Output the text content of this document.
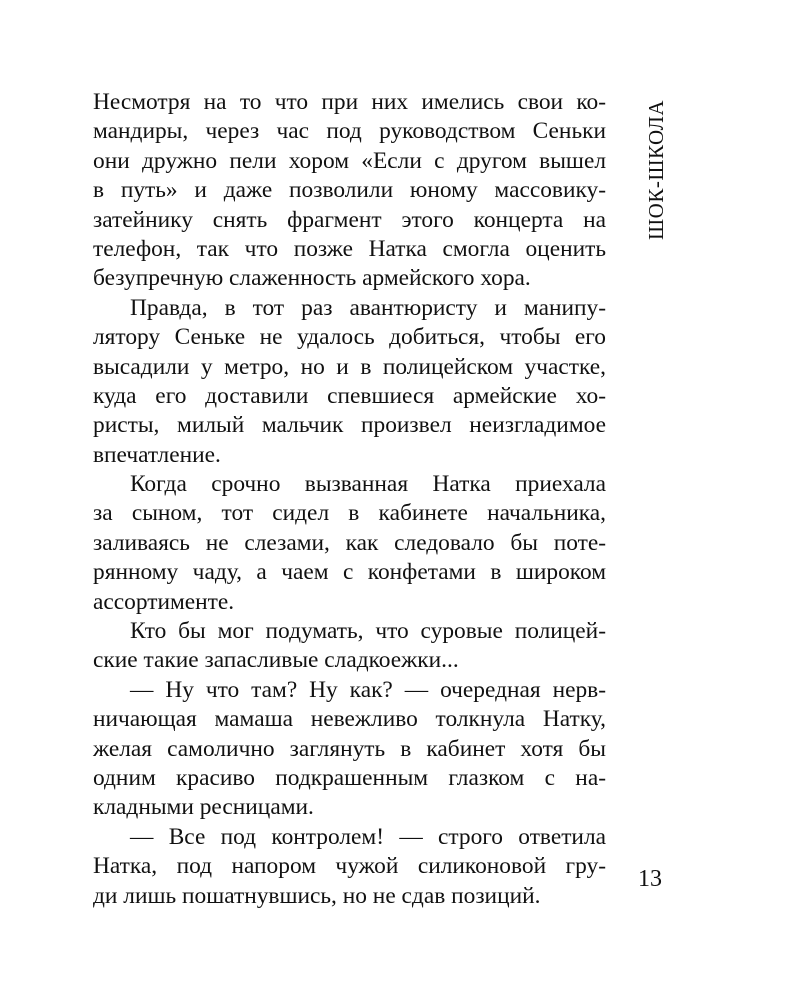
Несмотря на то что при них имелись свои ко-
мандиры, через час под руководством Сеньки
они дружно пели хором «Если с другом вышел
в путь» и даже позволили юному массовику-
затейнику снять фрагмент этого концерта на
телефон, так что позже Натка смогла оценить
безупречную слаженность армейского хора.
Правда, в тот раз авантюристу и манипу-
лятору Сеньке не удалось добиться, чтобы его
высадили у метро, но и в полицейском участке,
куда его доставили спевшиеся армейские хо-
ристы, милый мальчик произвел неизгладимое
впечатление.
Когда срочно вызванная Натка приехала
за сыном, тот сидел в кабинете начальника,
заливаясь не слезами, как следовало бы поте-
рянному чаду, а чаем с конфетами в широком
ассортименте.
Кто бы мог подумать, что суровые полицей-
ские такие запасливые сладкоежки...
— Ну что там? Ну как? — очередная нерв-
ничающая мамаша невежливо толкнула Натку,
желая самолично заглянуть в кабинет хотя бы
одним красиво подкрашенным глазком с на-
кладными ресницами.
— Все под контролем! — строго ответила
Натка, под напором чужой силиконовой гру-
ди лишь пошатнувшись, но не сдав позиций.
ШОК-ШКОЛА
13
